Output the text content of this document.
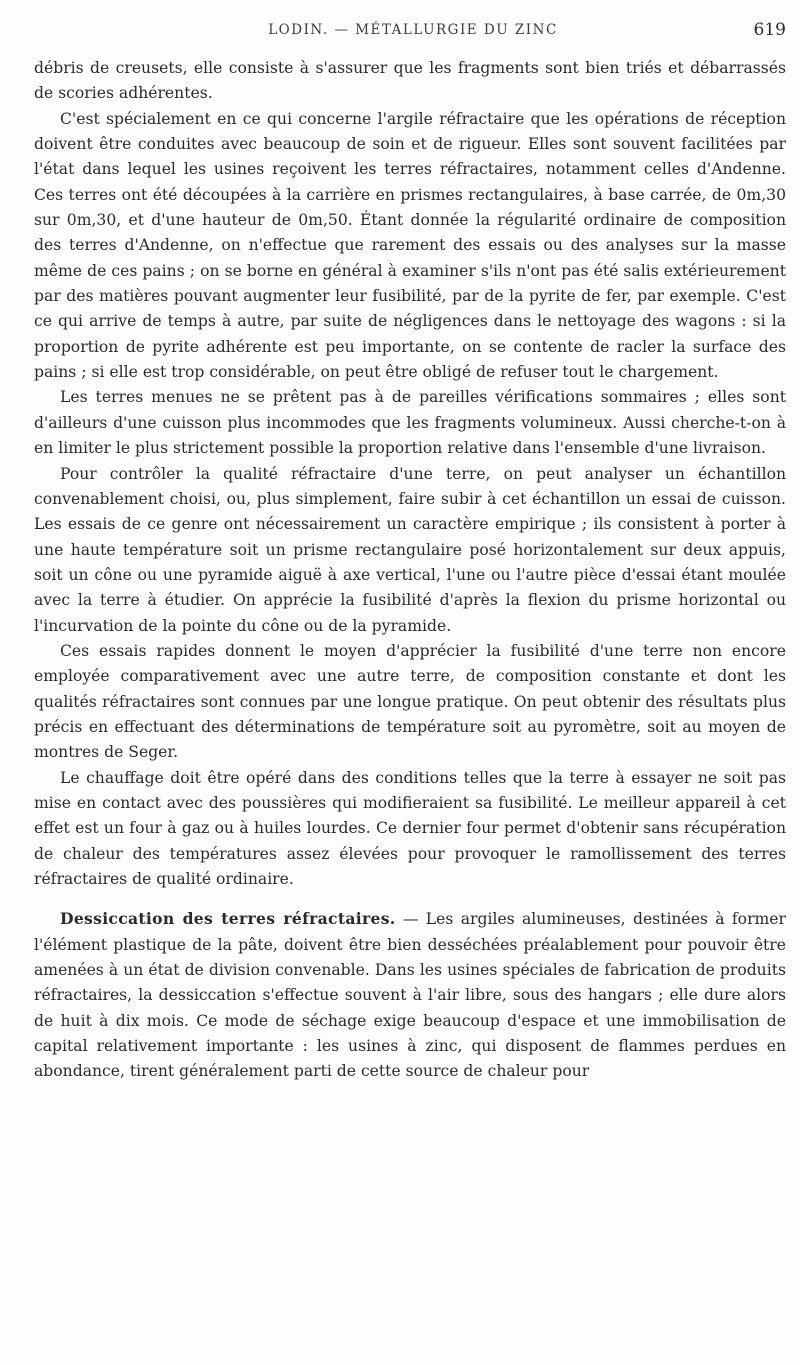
LODIN. — MÉTALLURGIE DU ZINC	619

débris de creusets, elle consiste à s'assurer que les fragments sont bien triés et débarrassés de scories adhérentes.

C'est spécialement en ce qui concerne l'argile réfractaire que les opérations de réception doivent être conduites avec beaucoup de soin et de rigueur. Elles sont souvent facilitées par l'état dans lequel les usines reçoivent les terres réfractaires, notamment celles d'Andenne. Ces terres ont été découpées à la carrière en prismes rectangulaires, à base carrée, de 0m,30 sur 0m,30, et d'une hauteur de 0m,50. Étant donnée la régularité ordinaire de composition des terres d'Andenne, on n'effectue que rarement des essais ou des analyses sur la masse même de ces pains ; on se borne en général à examiner s'ils n'ont pas été salis extérieurement par des matières pouvant augmenter leur fusibilité, par de la pyrite de fer, par exemple. C'est ce qui arrive de temps à autre, par suite de négligences dans le nettoyage des wagons : si la proportion de pyrite adhérente est peu importante, on se contente de racler la surface des pains ; si elle est trop considérable, on peut être obligé de refuser tout le chargement.

Les terres menues ne se prêtent pas à de pareilles vérifications sommaires ; elles sont d'ailleurs d'une cuisson plus incommodes que les fragments volumineux. Aussi cherche-t-on à en limiter le plus strictement possible la proportion relative dans l'ensemble d'une livraison.

Pour contrôler la qualité réfractaire d'une terre, on peut analyser un échantillon convenablement choisi, ou, plus simplement, faire subir à cet échantillon un essai de cuisson. Les essais de ce genre ont nécessairement un caractère empirique ; ils consistent à porter à une haute température soit un prisme rectangulaire posé horizontalement sur deux appuis, soit un cône ou une pyramide aiguë à axe vertical, l'une ou l'autre pièce d'essai étant moulée avec la terre à étudier. On apprécie la fusibilité d'après la flexion du prisme horizontal ou l'incurvation de la pointe du cône ou de la pyramide.

Ces essais rapides donnent le moyen d'apprécier la fusibilité d'une terre non encore employée comparativement avec une autre terre, de composition constante et dont les qualités réfractaires sont connues par une longue pratique. On peut obtenir des résultats plus précis en effectuant des déterminations de température soit au pyromètre, soit au moyen de montres de Seger.

Le chauffage doit être opéré dans des conditions telles que la terre à essayer ne soit pas mise en contact avec des poussières qui modifieraient sa fusibilité. Le meilleur appareil à cet effet est un four à gaz ou à huiles lourdes. Ce dernier four permet d'obtenir sans récupération de chaleur des températures assez élevées pour provoquer le ramollissement des terres réfractaires de qualité ordinaire.

Dessiccation des terres réfractaires. — Les argiles alumineuses, destinées à former l'élément plastique de la pâte, doivent être bien desséchées préalablement pour pouvoir être amenées à un état de division convenable. Dans les usines spéciales de fabrication de produits réfractaires, la dessiccation s'effectue souvent à l'air libre, sous des hangars ; elle dure alors de huit à dix mois. Ce mode de séchage exige beaucoup d'espace et une immobilisation de capital relativement importante : les usines à zinc, qui disposent de flammes perdues en abondance, tirent généralement parti de cette source de chaleur pour
